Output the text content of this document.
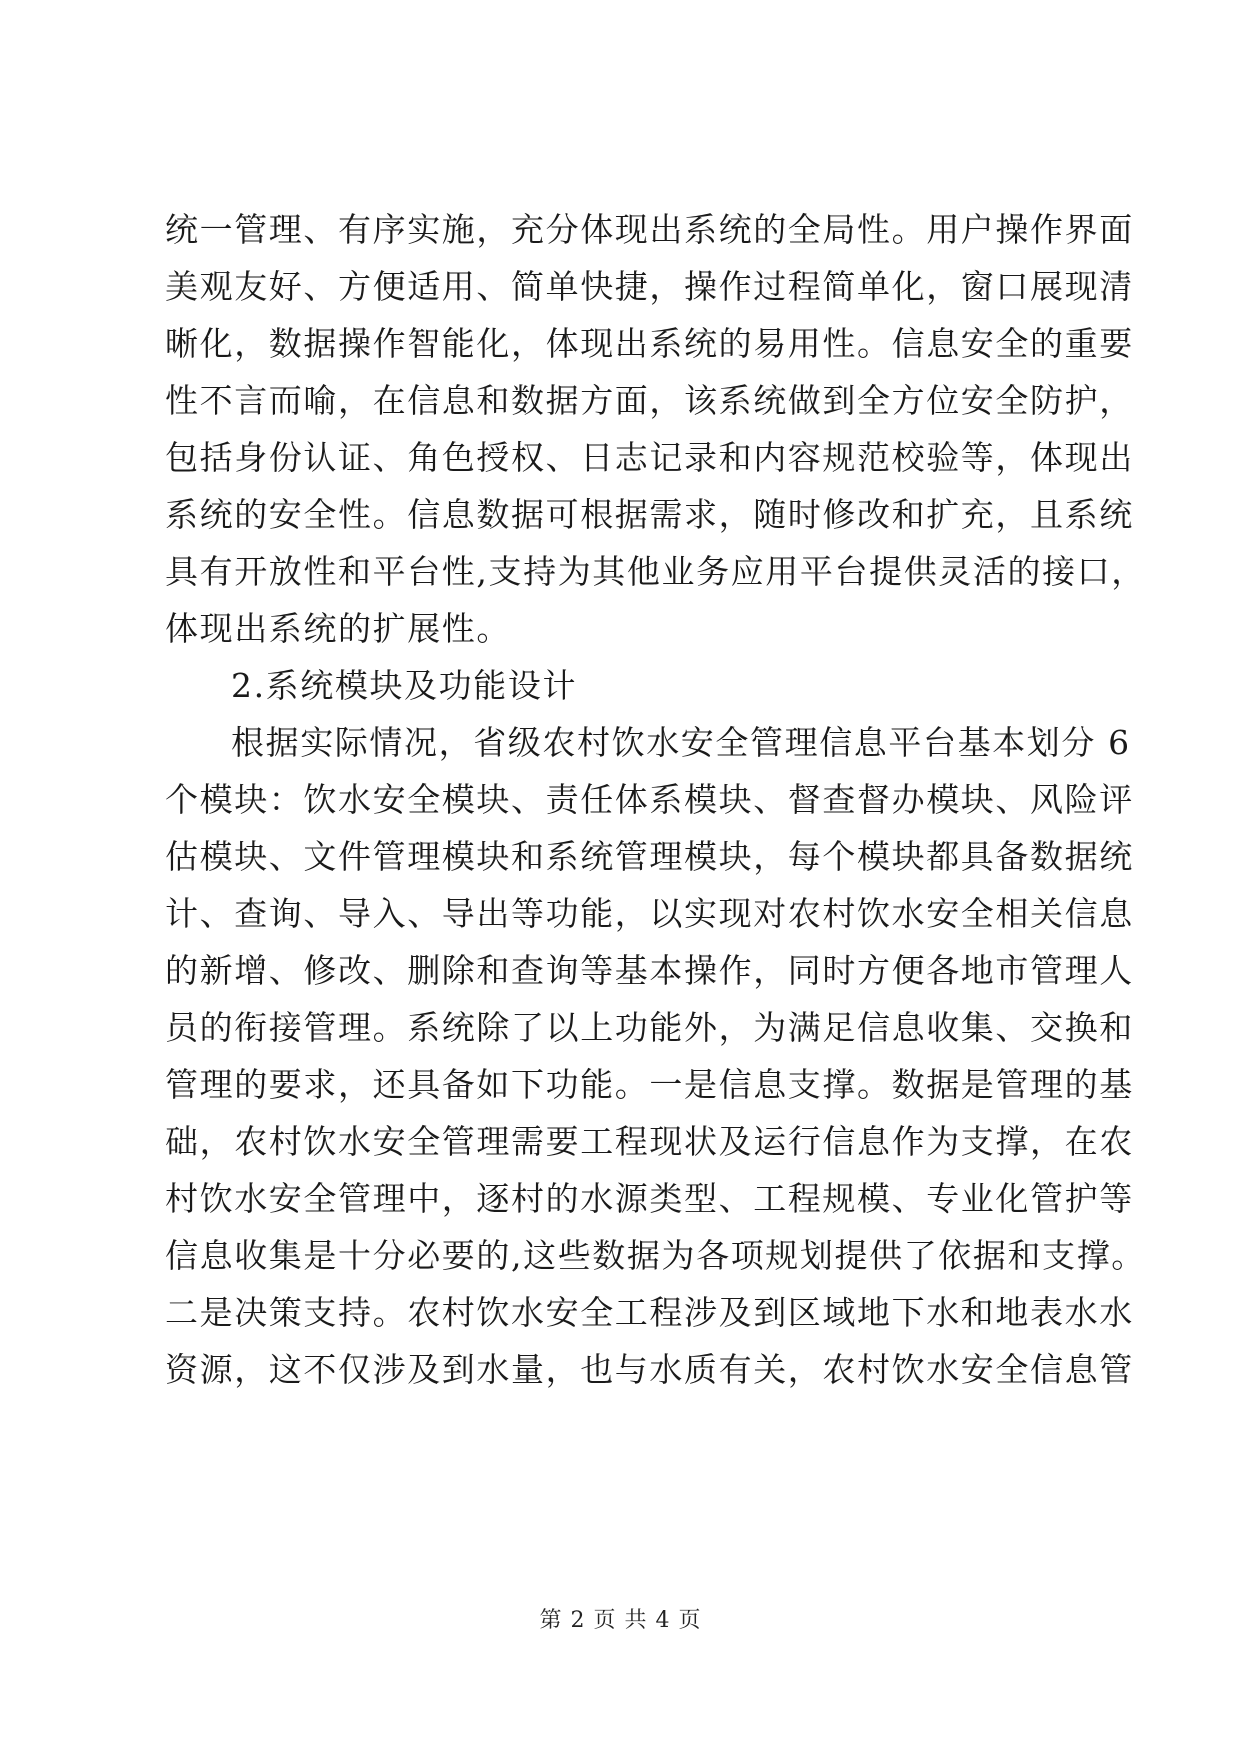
统一管理、有序实施，充分体现出系统的全局性。用户操作界面
美观友好、方便适用、简单快捷，操作过程简单化，窗口展现清
晰化，数据操作智能化，体现出系统的易用性。信息安全的重要
性不言而喻，在信息和数据方面，该系统做到全方位安全防护，
包括身份认证、角色授权、日志记录和内容规范校验等，体现出
系统的安全性。信息数据可根据需求，随时修改和扩充，且系统
具有开放性和平台性,支持为其他业务应用平台提供灵活的接口，
体现出系统的扩展性。
2.系统模块及功能设计
根据实际情况，省级农村饮水安全管理信息平台基本划分 6
个模块：饮水安全模块、责任体系模块、督查督办模块、风险评
估模块、文件管理模块和系统管理模块，每个模块都具备数据统
计、查询、导入、导出等功能，以实现对农村饮水安全相关信息
的新增、修改、删除和查询等基本操作，同时方便各地市管理人
员的衔接管理。系统除了以上功能外，为满足信息收集、交换和
管理的要求，还具备如下功能。一是信息支撑。数据是管理的基
础，农村饮水安全管理需要工程现状及运行信息作为支撑，在农
村饮水安全管理中，逐村的水源类型、工程规模、专业化管护等
信息收集是十分必要的,这些数据为各项规划提供了依据和支撑。
二是决策支持。农村饮水安全工程涉及到区域地下水和地表水水
资源，这不仅涉及到水量，也与水质有关，农村饮水安全信息管
第 2 页 共 4 页
